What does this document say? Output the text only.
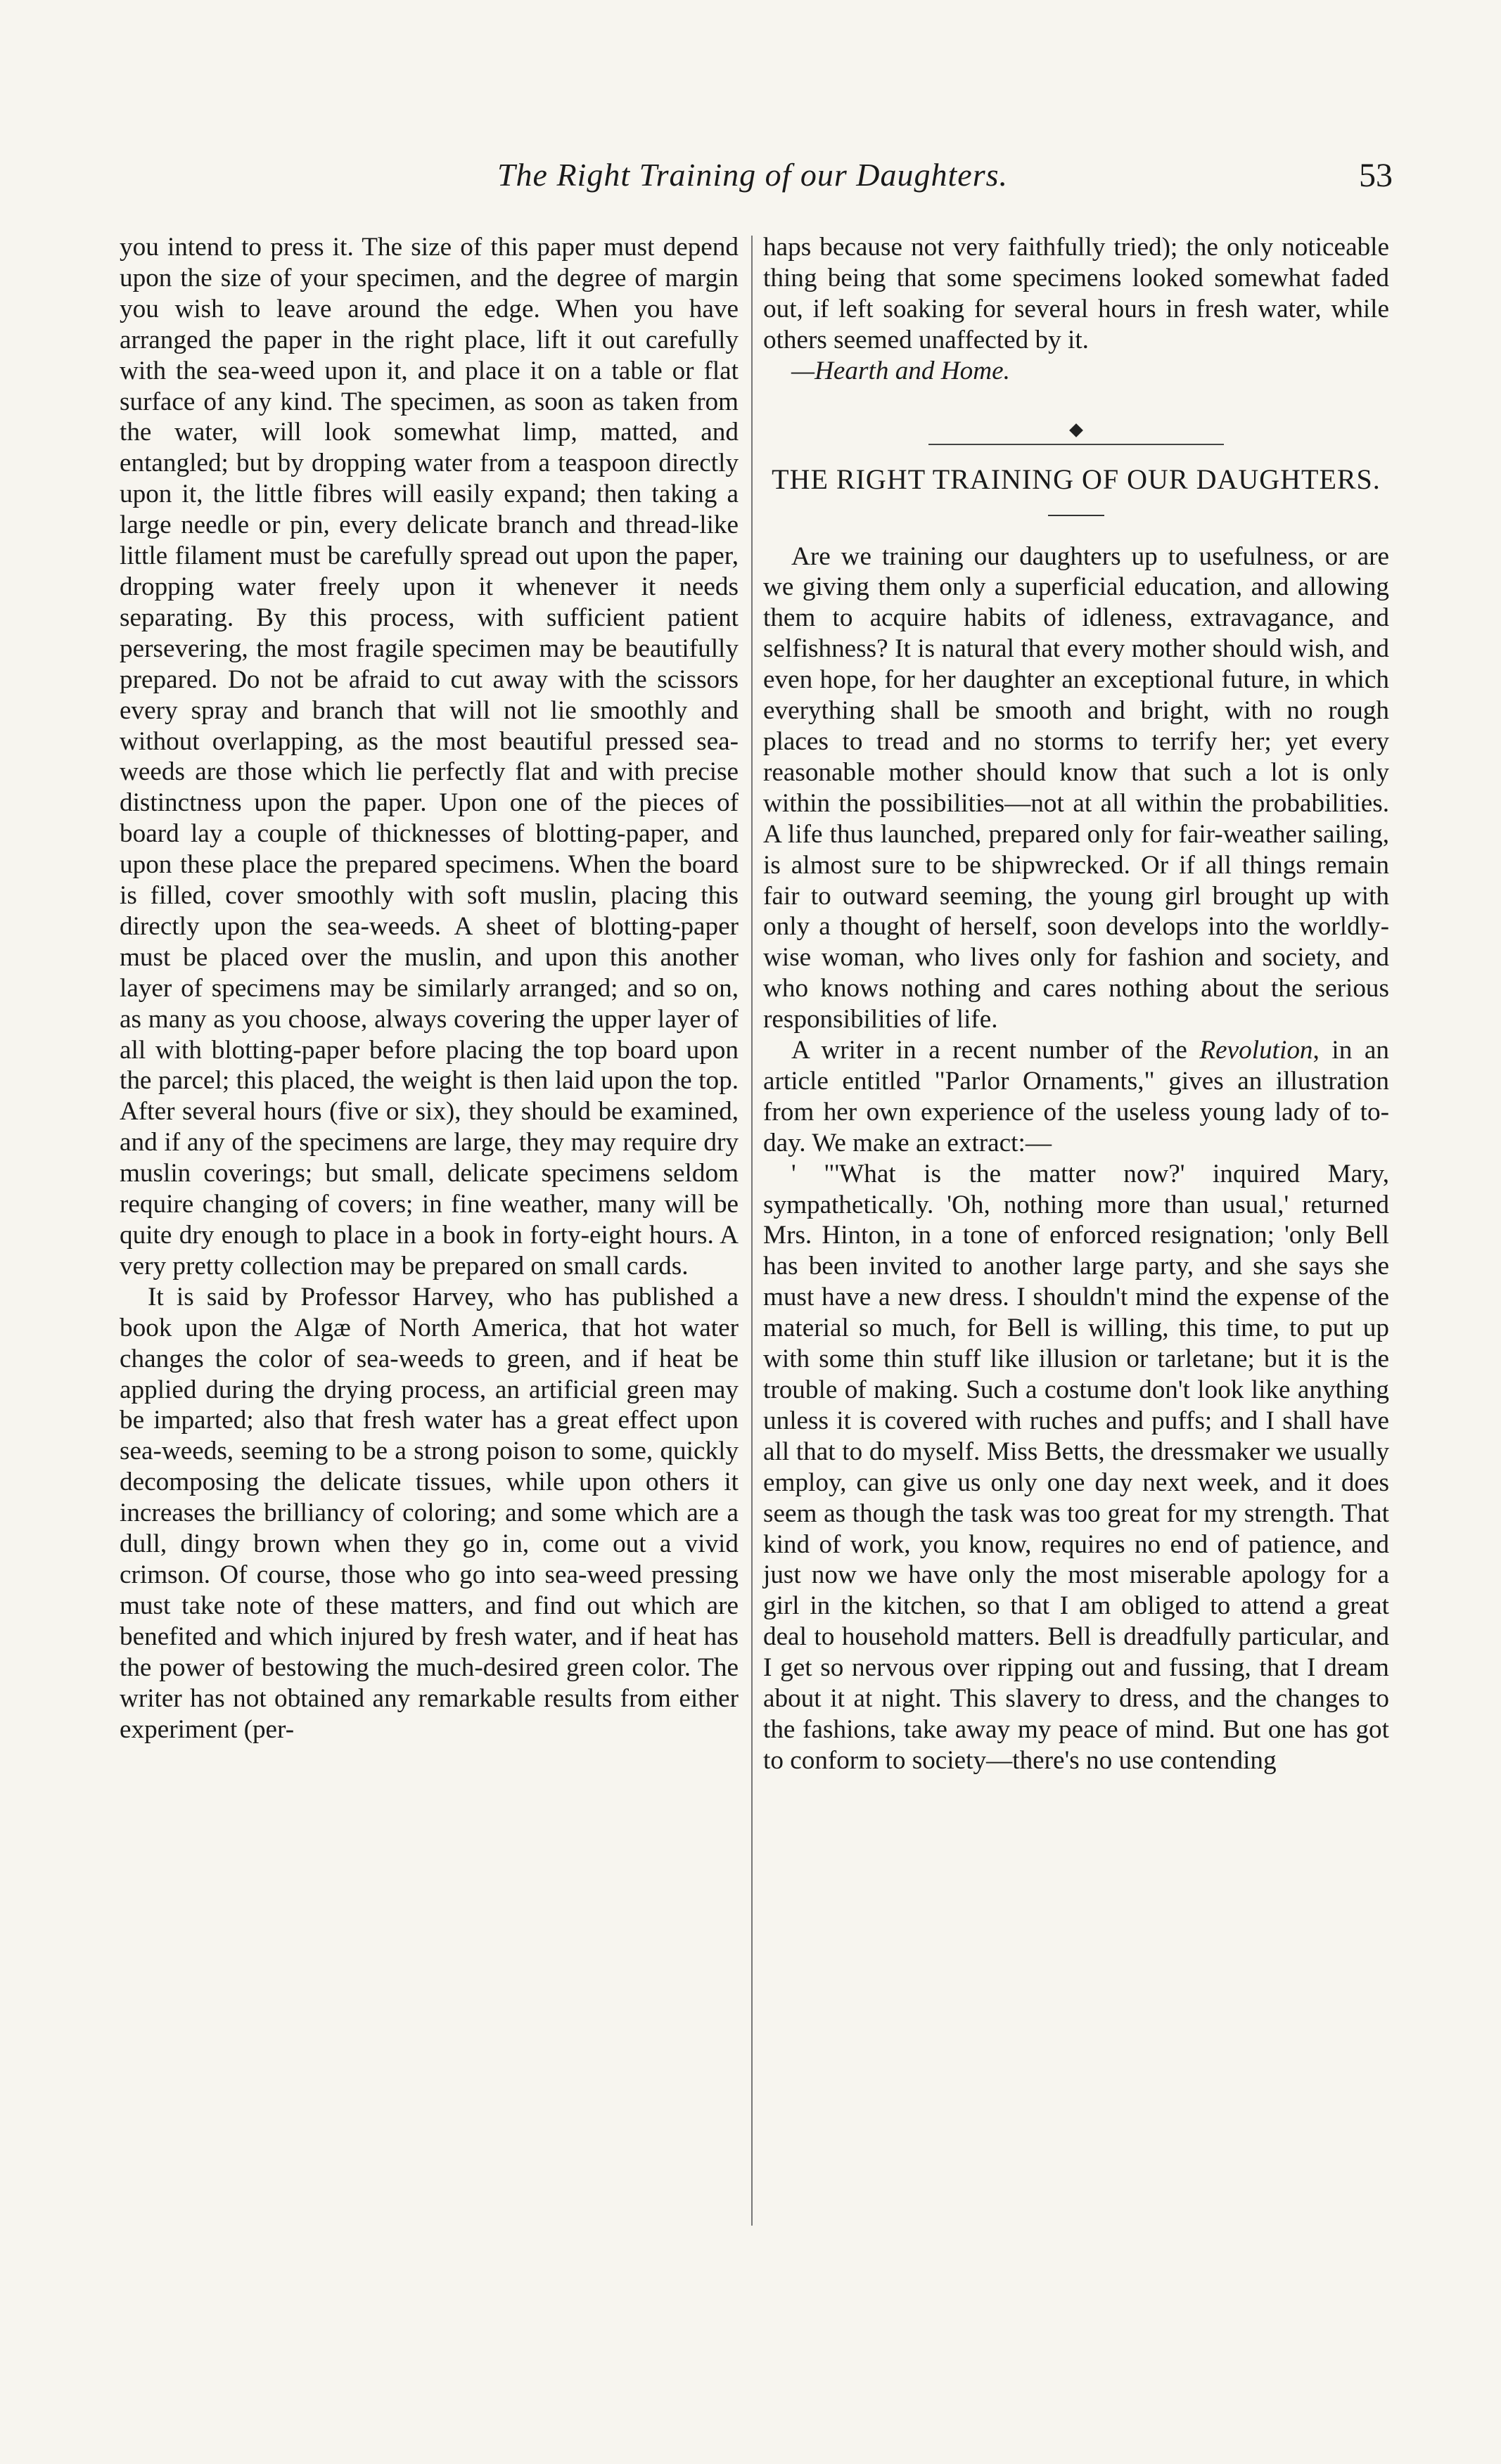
The Right Training of our Daughters.	53

you intend to press it. The size of this paper must depend upon the size of your specimen, and the degree of margin you wish to leave around the edge. When you have arranged the paper in the right place, lift it out carefully with the sea-weed upon it, and place it on a table or flat surface of any kind. The specimen, as soon as taken from the water, will look somewhat limp, matted, and entangled; but by dropping water from a teaspoon directly upon it, the little fibres will easily expand; then taking a large needle or pin, every delicate branch and thread-like little filament must be carefully spread out upon the paper, dropping water freely upon it whenever it needs separating. By this process, with sufficient patient persevering, the most fragile specimen may be beautifully prepared. Do not be afraid to cut away with the scissors every spray and branch that will not lie smoothly and without overlapping, as the most beautiful pressed sea-weeds are those which lie perfectly flat and with precise distinctness upon the paper. Upon one of the pieces of board lay a couple of thicknesses of blotting-paper, and upon these place the prepared specimens. When the board is filled, cover smoothly with soft muslin, placing this directly upon the sea-weeds. A sheet of blotting-paper must be placed over the muslin, and upon this another layer of specimens may be similarly arranged; and so on, as many as you choose, always covering the upper layer of all with blotting-paper before placing the top board upon the parcel; this placed, the weight is then laid upon the top. After several hours (five or six), they should be examined, and if any of the specimens are large, they may require dry muslin coverings; but small, delicate specimens seldom require changing of covers; in fine weather, many will be quite dry enough to place in a book in forty-eight hours. A very pretty collection may be prepared on small cards.

It is said by Professor Harvey, who has published a book upon the Algæ of North America, that hot water changes the color of sea-weeds to green, and if heat be applied during the drying process, an artificial green may be imparted; also that fresh water has a great effect upon sea-weeds, seeming to be a strong poison to some, quickly decomposing the delicate tissues, while upon others it increases the brilliancy of coloring; and some which are a dull, dingy brown when they go in, come out a vivid crimson. Of course, those who go into sea-weed pressing must take note of these matters, and find out which are benefited and which injured by fresh water, and if heat has the power of bestowing the much-desired green color. The writer has not obtained any remarkable results from either experiment (per-

haps because not very faithfully tried); the only noticeable thing being that some specimens looked somewhat faded out, if left soaking for several hours in fresh water, while others seemed unaffected by it.

—Hearth and Home.

THE RIGHT TRAINING OF OUR DAUGHTERS.

Are we training our daughters up to usefulness, or are we giving them only a superficial education, and allowing them to acquire habits of idleness, extravagance, and selfishness? It is natural that every mother should wish, and even hope, for her daughter an exceptional future, in which everything shall be smooth and bright, with no rough places to tread and no storms to terrify her; yet every reasonable mother should know that such a lot is only within the possibilities—not at all within the probabilities. A life thus launched, prepared only for fair-weather sailing, is almost sure to be shipwrecked. Or if all things remain fair to outward seeming, the young girl brought up with only a thought of herself, soon develops into the worldly-wise woman, who lives only for fashion and society, and who knows nothing and cares nothing about the serious responsibilities of life.

A writer in a recent number of the Revolution, in an article entitled "Parlor Ornaments," gives an illustration from her own experience of the useless young lady of to-day. We make an extract:—

' "'What is the matter now?' inquired Mary, sympathetically. 'Oh, nothing more than usual,' returned Mrs. Hinton, in a tone of enforced resignation; 'only Bell has been invited to another large party, and she says she must have a new dress. I shouldn't mind the expense of the material so much, for Bell is willing, this time, to put up with some thin stuff like illusion or tarletane; but it is the trouble of making. Such a costume don't look like anything unless it is covered with ruches and puffs; and I shall have all that to do myself. Miss Betts, the dressmaker we usually employ, can give us only one day next week, and it does seem as though the task was too great for my strength. That kind of work, you know, requires no end of patience, and just now we have only the most miserable apology for a girl in the kitchen, so that I am obliged to attend a great deal to household matters. Bell is dreadfully particular, and I get so nervous over ripping out and fussing, that I dream about it at night. This slavery to dress, and the changes to the fashions, take away my peace of mind. But one has got to conform to society—there's no use contending
